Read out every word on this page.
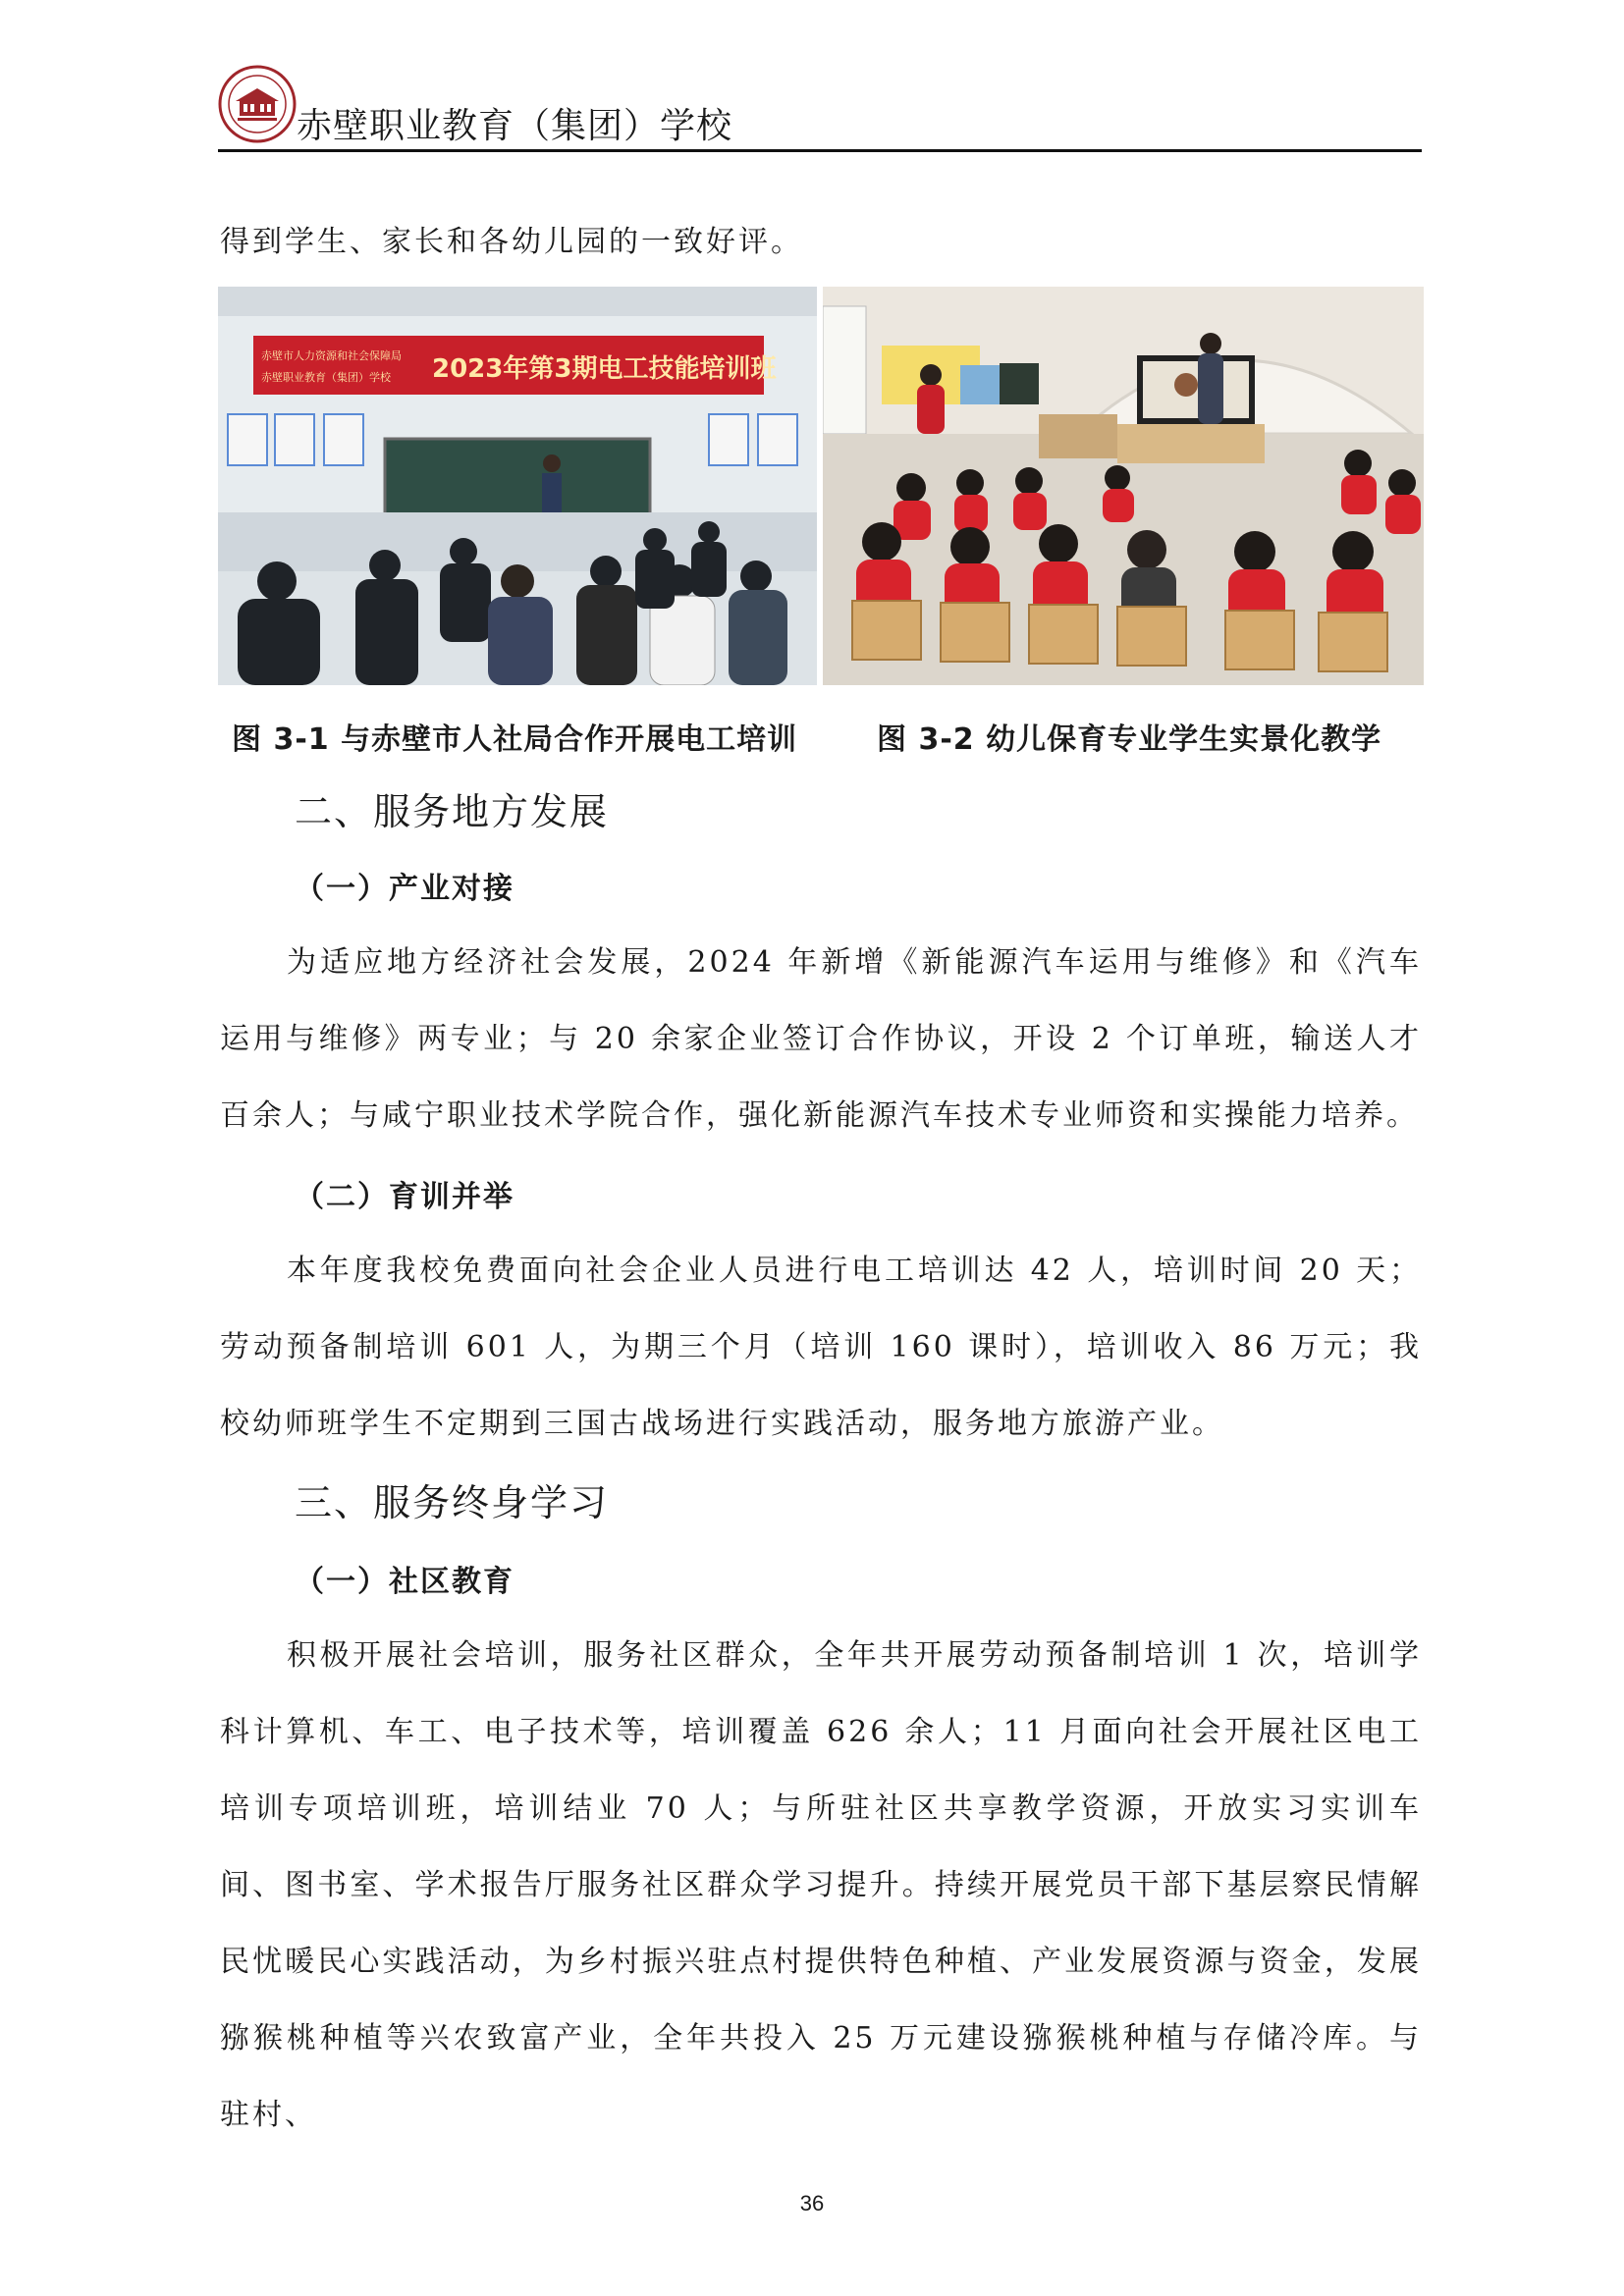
赤壁职业教育（集团）学校

得到学生、家长和各幼儿园的一致好评。

赤壁市人力资源和社会保障局
赤壁职业教育（集团）学校 2023年第3期电工技能培训班
图 3-1 与赤壁市人社局合作开展电工培训	图 3-2 幼儿保育专业学生实景化教学
二、服务地方发展
（一）产业对接

为适应地方经济社会发展，2024 年新增《新能源汽车运用与维修》和《汽车运用与维修》两专业；与 20 余家企业签订合作协议，开设 2 个订单班，输送人才百余人；与咸宁职业技术学院合作，强化新能源汽车技术专业师资和实操能力培养。

（二）育训并举

本年度我校免费面向社会企业人员进行电工培训达 42 人，培训时间 20 天；劳动预备制培训 601 人，为期三个月（培训 160 课时），培训收入 86 万元；我校幼师班学生不定期到三国古战场进行实践活动，服务地方旅游产业。

三、服务终身学习
（一）社区教育

积极开展社会培训，服务社区群众，全年共开展劳动预备制培训 1 次，培训学科计算机、车工、电子技术等，培训覆盖 626 余人；11 月面向社会开展社区电工培训专项培训班，培训结业 70 人；与所驻社区共享教学资源，开放实习实训车间、图书室、学术报告厅服务社区群众学习提升。持续开展党员干部下基层察民情解民忧暖民心实践活动，为乡村振兴驻点村提供特色种植、产业发展资源与资金，发展猕猴桃种植等兴农致富产业，全年共投入 25 万元建设猕猴桃种植与存储冷库。与驻村、

36
